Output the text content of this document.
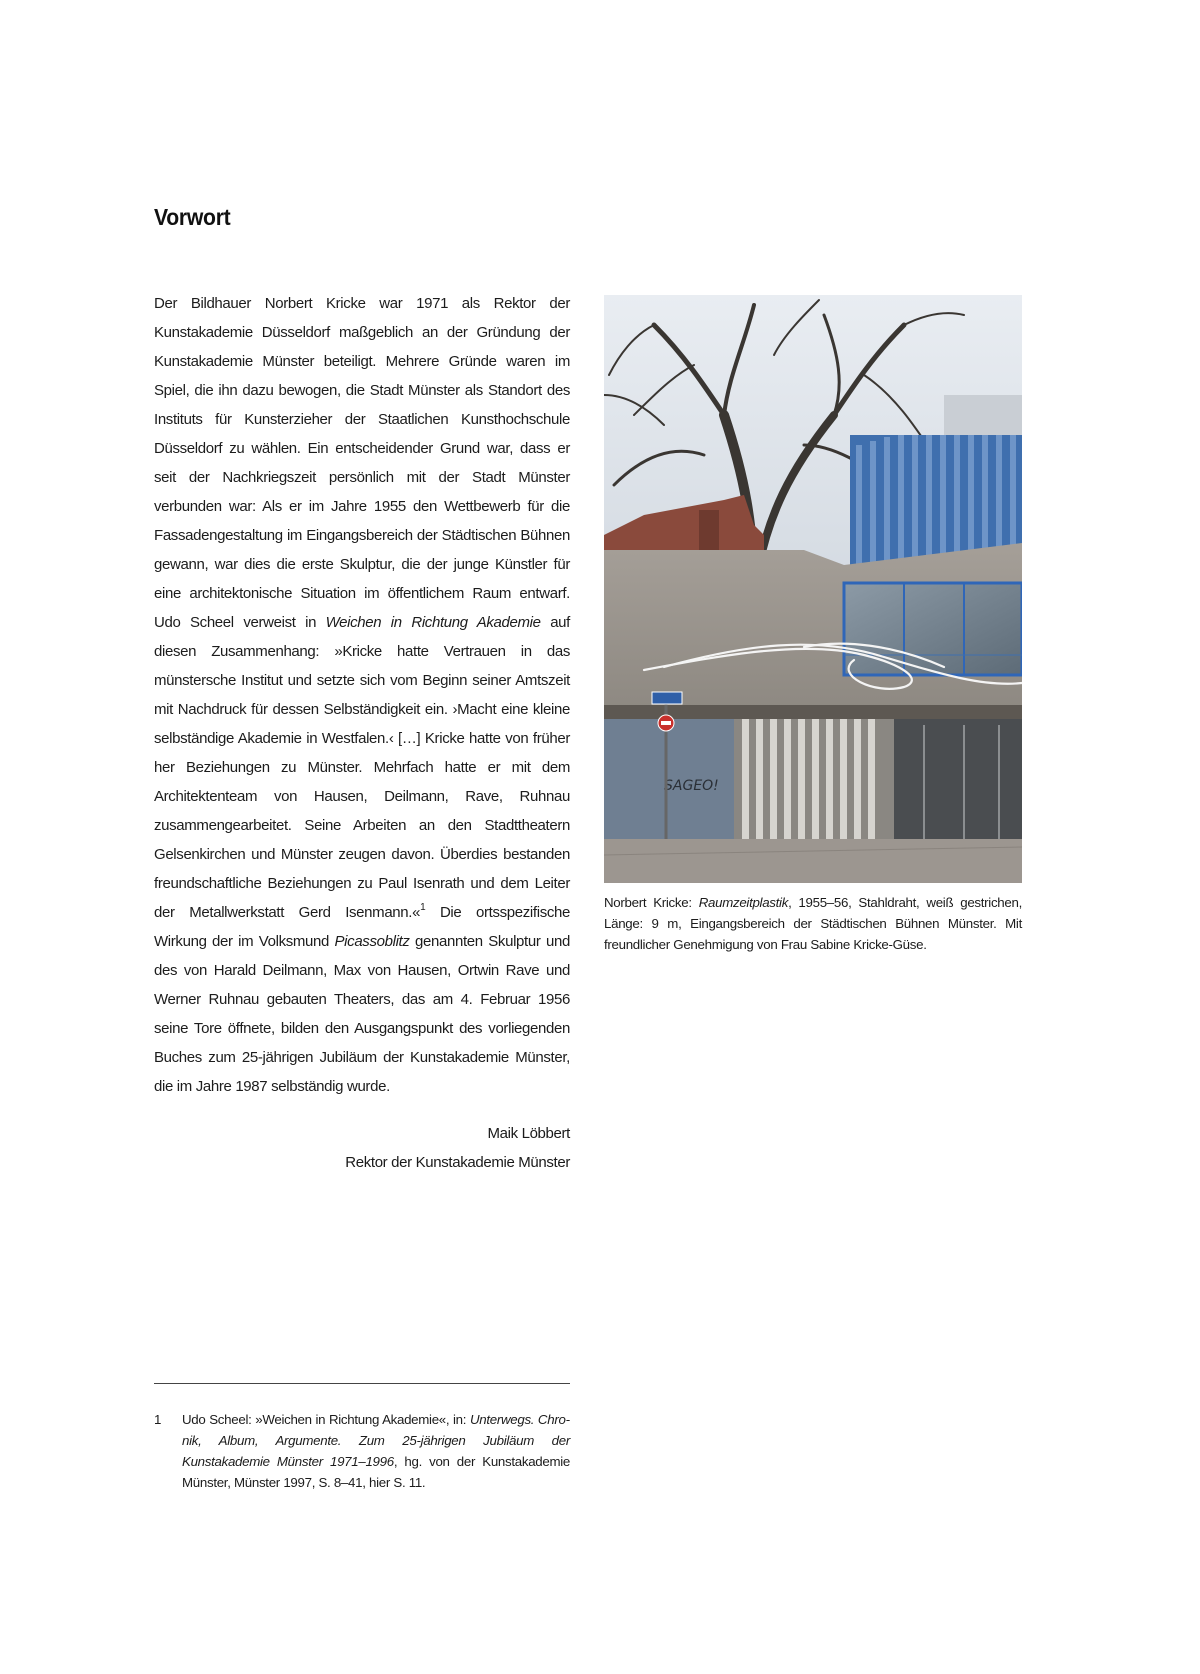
Vorwort

Der Bildhauer Norbert Kricke war 1971 als Rektor der Kunstakademie Düsseldorf maßgeblich an der Gründung der Kunstakademie Münster beteiligt. Mehrere Gründe waren im Spiel, die ihn dazu bewogen, die Stadt Münster als Standort des Instituts für Kunsterzieher der Staatlichen Kunsthochschule Düsseldorf zu wählen. Ein entscheidender Grund war, dass er seit der Nachkriegszeit persönlich mit der Stadt Münster verbunden war: Als er im Jahre 1955 den Wettbewerb für die Fassadengestaltung im Eingangsbereich der Städtischen Bühnen gewann, war dies die erste Skulptur, die der junge Künstler für eine architektonische Situation im öffentlichem Raum entwarf. Udo Scheel verweist in Weichen in Richtung Akademie auf diesen Zusammenhang: »Kricke hatte Vertrauen in das münstersche Institut und setzte sich vom Beginn seiner Amtszeit mit Nachdruck für dessen Selbständigkeit ein. ›Macht eine kleine selbständige Akademie in Westfalen.‹ […] Kricke hatte von früher her Beziehungen zu Münster. Mehrfach hatte er mit dem Architektenteam von Hausen, Deilmann, Rave, Ruhnau zusammengearbeitet. Seine Arbeiten an den Stadttheatern Gelsenkirchen und Münster zeugen davon. Überdies bestanden freundschaftliche Beziehungen zu Paul Isenrath und dem Leiter der Metallwerkstatt Gerd Isenmann.«$^1$ Die ortsspezifische Wirkung der im Volksmund Picassoblitz genannten Skulptur und des von Harald Deilmann, Max von Hausen, Ortwin Rave und Werner Ruhnau gebauten Theaters, das am 4. Februar 1956 seine Tore öffnete, bilden den Ausgangspunkt des vorliegenden Buches zum 25-jährigen Jubiläum der Kunstakademie Münster, die im Jahre 1987 selbständig wurde.

Maik Löbbert
Rektor der Kunstakademie Münster
SAGEO!

Norbert Kricke: Raumzeitplastik, 1955–56, Stahldraht, weiß gestrichen, Länge: 9 m, Eingangsbereich der Städtischen Bühnen Münster. Mit freundlicher Genehmigung von Frau Sabine Kricke-Güse.

1 Udo Scheel: »Weichen in Richtung Akademie«, in: Unterwegs. Chronik, Album, Argumente. Zum 25-jährigen Jubiläum der Kunstakademie Münster 1971–1996, hg. von der Kunstakademie Münster, Münster 1997, S. 8–41, hier S. 11.
